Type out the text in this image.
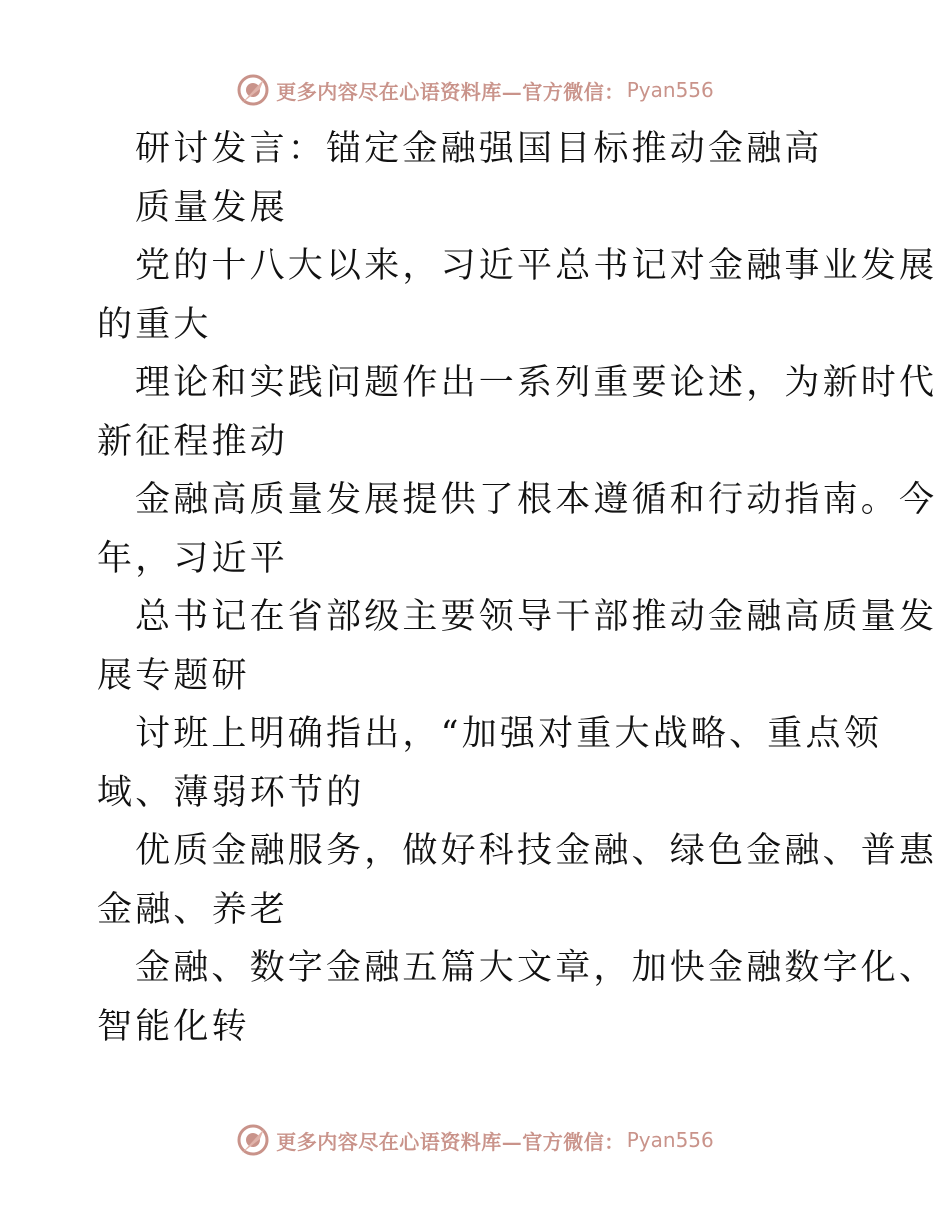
更多内容尽在心语资料库—官方微信： Pyan556
研讨发言：锚定金融强国目标推动金融高
质量发展
党的十八大以来，习近平总书记对金融事业发展
的重大
理论和实践问题作出一系列重要论述，为新时代
新征程推动
金融高质量发展提供了根本遵循和行动指南。今
年，习近平
总书记在省部级主要领导干部推动金融高质量发
展专题研
讨班上明确指出，“加强对重大战略、重点领
域、薄弱环节的
优质金融服务，做好科技金融、绿色金融、普惠
金融、养老
金融、数字金融五篇大文章，加快金融数字化、
智能化转
更多内容尽在心语资料库—官方微信： Pyan556
